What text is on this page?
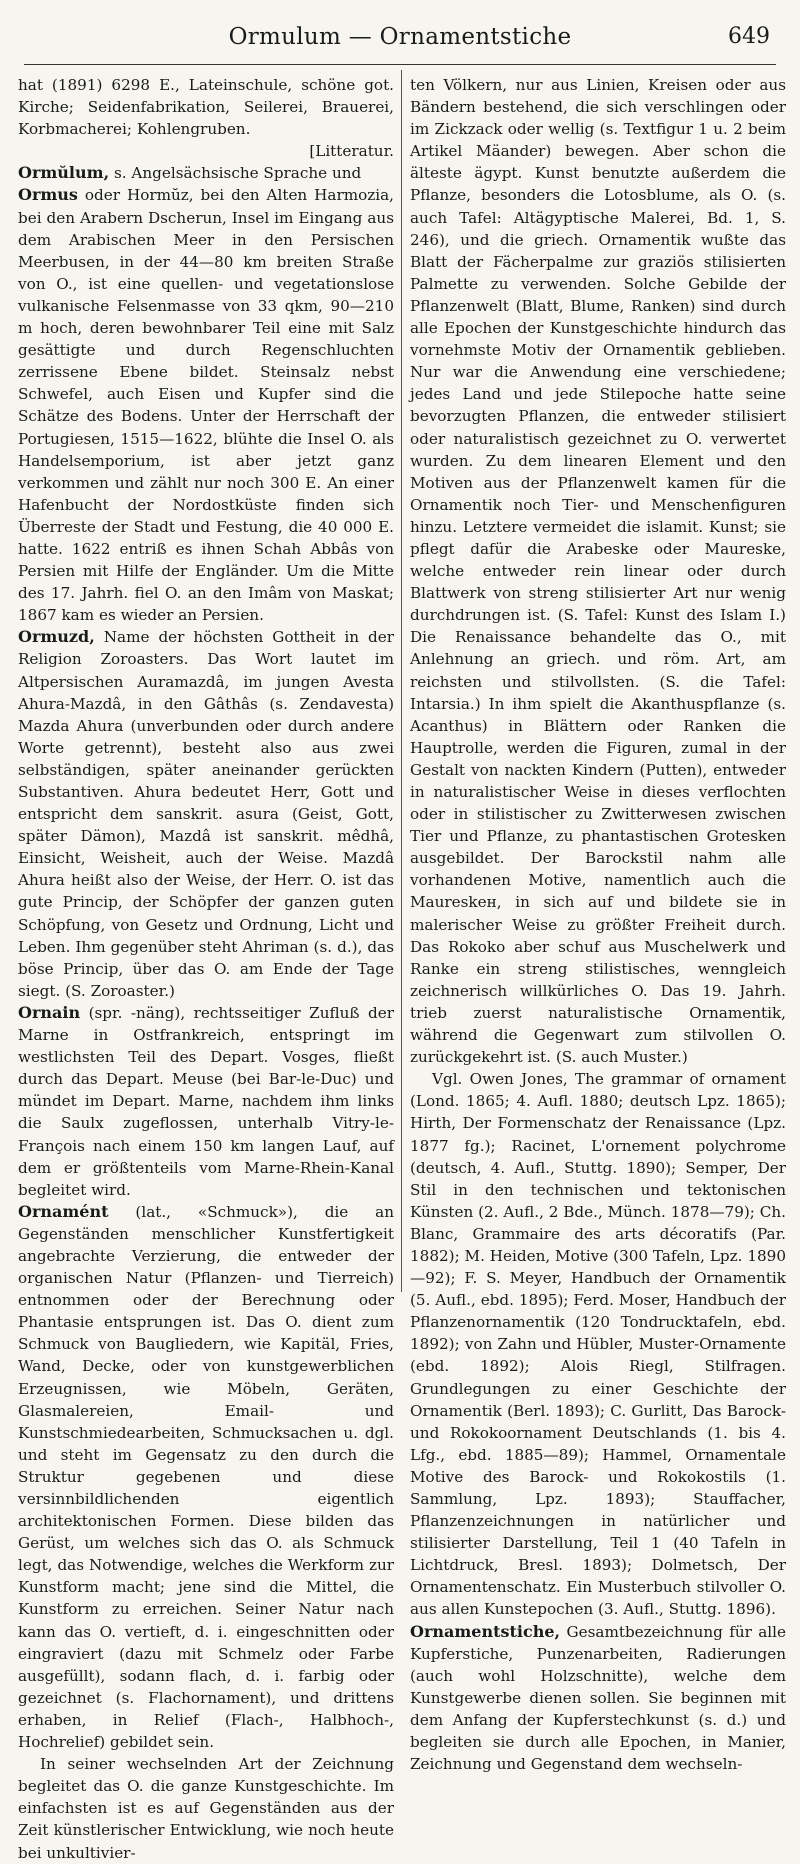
Ormulum — Ornamentstiche	649

hat (1891) 6298 E., Lateinschule, schöne got. Kirche; Seidenfabrikation, Seilerei, Brauerei, Korbmacherei; Kohlengruben.
[Litteratur.

Ormŭlum, s. Angelsächsische Sprache und

Ormus oder Hormŭz, bei den Alten Harmozia, bei den Arabern Dscherun, Insel im Eingang aus dem Arabischen Meer in den Persischen Meerbusen, in der 44—80 km breiten Straße von O., ist eine quellen- und vegetationslose vulkanische Felsenmasse von 33 qkm, 90—210 m hoch, deren bewohnbarer Teil eine mit Salz gesättigte und durch Regenschluchten zerrissene Ebene bildet. Steinsalz nebst Schwefel, auch Eisen und Kupfer sind die Schätze des Bodens. Unter der Herrschaft der Portugiesen, 1515—1622, blühte die Insel O. als Handelsemporium, ist aber jetzt ganz verkommen und zählt nur noch 300 E. An einer Hafenbucht der Nordostküste finden sich Überreste der Stadt und Festung, die 40 000 E. hatte. 1622 entriß es ihnen Schah Abbâs von Persien mit Hilfe der Engländer. Um die Mitte des 17. Jahrh. fiel O. an den Imâm von Maskat; 1867 kam es wieder an Persien.

Ormuzd, Name der höchsten Gottheit in der Religion Zoroasters. Das Wort lautet im Altpersischen Auramazdâ, im jungen Avesta Ahura-Mazdâ, in den Gâthâs (s. Zendavesta) Mazda Ahura (unverbunden oder durch andere Worte getrennt), besteht also aus zwei selbständigen, später aneinander gerückten Substantiven. Ahura bedeutet Herr, Gott und entspricht dem sanskrit. asura (Geist, Gott, später Dämon), Mazdâ ist sanskrit. mêdhâ, Einsicht, Weisheit, auch der Weise. Mazdâ Ahura heißt also der Weise, der Herr. O. ist das gute Princip, der Schöpfer der ganzen guten Schöpfung, von Gesetz und Ordnung, Licht und Leben. Ihm gegenüber steht Ahriman (s. d.), das böse Princip, über das O. am Ende der Tage siegt. (S. Zoroaster.)

Ornain (spr. -näng), rechtsseitiger Zufluß der Marne in Ostfrankreich, entspringt im westlichsten Teil des Depart. Vosges, fließt durch das Depart. Meuse (bei Bar-le-Duc) und mündet im Depart. Marne, nachdem ihm links die Saulx zugeflossen, unterhalb Vitry-le-François nach einem 150 km langen Lauf, auf dem er größtenteils vom Marne-Rhein-Kanal begleitet wird.

Ornamént (lat., «Schmuck»), die an Gegenständen menschlicher Kunstfertigkeit angebrachte Verzierung, die entweder der organischen Natur (Pflanzen- und Tierreich) entnommen oder der Berechnung oder Phantasie entsprungen ist. Das O. dient zum Schmuck von Baugliedern, wie Kapitäl, Fries, Wand, Decke, oder von kunstgewerblichen Erzeugnissen, wie Möbeln, Geräten, Glasmalereien, Email- und Kunstschmiedearbeiten, Schmucksachen u. dgl. und steht im Gegensatz zu den durch die Struktur gegebenen und diese versinnbildlichenden eigentlich architektonischen Formen. Diese bilden das Gerüst, um welches sich das O. als Schmuck legt, das Notwendige, welches die Werkform zur Kunstform macht; jene sind die Mittel, die Kunstform zu erreichen. Seiner Natur nach kann das O. vertieft, d. i. eingeschnitten oder eingraviert (dazu mit Schmelz oder Farbe ausgefüllt), sodann flach, d. i. farbig oder gezeichnet (s. Flachornament), und drittens erhaben, in Relief (Flach-, Halbhoch-, Hochrelief) gebildet sein.

In seiner wechselnden Art der Zeichnung begleitet das O. die ganze Kunstgeschichte. Im einfachsten ist es auf Gegenständen aus der Zeit künstlerischer Entwicklung, wie noch heute bei unkultivier-

ten Völkern, nur aus Linien, Kreisen oder aus Bändern bestehend, die sich verschlingen oder im Zickzack oder wellig (s. Textfigur 1 u. 2 beim Artikel Mäander) bewegen. Aber schon die älteste ägypt. Kunst benutzte außerdem die Pflanze, besonders die Lotosblume, als O. (s. auch Tafel: Altägyptische Malerei, Bd. 1, S. 246), und die griech. Ornamentik wußte das Blatt der Fächerpalme zur graziös stilisierten Palmette zu verwenden. Solche Gebilde der Pflanzenwelt (Blatt, Blume, Ranken) sind durch alle Epochen der Kunstgeschichte hindurch das vornehmste Motiv der Ornamentik geblieben. Nur war die Anwendung eine verschiedene; jedes Land und jede Stilepoche hatte seine bevorzugten Pflanzen, die entweder stilisiert oder naturalistisch gezeichnet zu O. verwertet wurden. Zu dem linearen Element und den Motiven aus der Pflanzenwelt kamen für die Ornamentik noch Tier- und Menschenfiguren hinzu. Letztere vermeidet die islamit. Kunst; sie pflegt dafür die Arabeske oder Maureske, welche entweder rein linear oder durch Blattwerk von streng stilisierter Art nur wenig durchdrungen ist. (S. Tafel: Kunst des Islam I.) Die Renaissance behandelte das O., mit Anlehnung an griech. und röm. Art, am reichsten und stilvollsten. (S. die Tafel: Intarsia.) In ihm spielt die Akanthuspflanze (s. Acanthus) in Blättern oder Ranken die Hauptrolle, werden die Figuren, zumal in der Gestalt von nackten Kindern (Putten), entweder in naturalistischer Weise in dieses verflochten oder in stilistischer zu Zwitterwesen zwischen Tier und Pflanze, zu phantastischen Grotesken ausgebildet. Der Barockstil nahm alle vorhandenen Motive, namentlich auch die Maureskeн, in sich auf und bildete sie in malerischer Weise zu größter Freiheit durch. Das Rokoko aber schuf aus Muschelwerk und Ranke ein streng stilistisches, wenngleich zeichnerisch willkürliches O. Das 19. Jahrh. trieb zuerst naturalistische Ornamentik, während die Gegenwart zum stilvollen O. zurückgekehrt ist. (S. auch Muster.)

Vgl. Owen Jones, The grammar of ornament (Lond. 1865; 4. Aufl. 1880; deutsch Lpz. 1865); Hirth, Der Formenschatz der Renaissance (Lpz. 1877 fg.); Racinet, L'ornement polychrome (deutsch, 4. Aufl., Stuttg. 1890); Semper, Der Stil in den technischen und tektonischen Künsten (2. Aufl., 2 Bde., Münch. 1878—79); Ch. Blanc, Grammaire des arts décoratifs (Par. 1882); M. Heiden, Motive (300 Tafeln, Lpz. 1890—92); F. S. Meyer, Handbuch der Ornamentik (5. Aufl., ebd. 1895); Ferd. Moser, Handbuch der Pflanzenornamentik (120 Tondrucktafeln, ebd. 1892); von Zahn und Hübler, Muster-Ornamente (ebd. 1892); Alois Riegl, Stilfragen. Grundlegungen zu einer Geschichte der Ornamentik (Berl. 1893); C. Gurlitt, Das Barock- und Rokokoornament Deutschlands (1. bis 4. Lfg., ebd. 1885—89); Hammel, Ornamentale Motive des Barock- und Rokokostils (1. Sammlung, Lpz. 1893); Stauffacher, Pflanzenzeichnungen in natürlicher und stilisierter Darstellung, Teil 1 (40 Tafeln in Lichtdruck, Bresl. 1893); Dolmetsch, Der Ornamentenschatz. Ein Musterbuch stilvoller O. aus allen Kunstepochen (3. Aufl., Stuttg. 1896).

Ornamentstiche, Gesamtbezeichnung für alle Kupferstiche, Punzenarbeiten, Radierungen (auch wohl Holzschnitte), welche dem Kunstgewerbe dienen sollen. Sie beginnen mit dem Anfang der Kupferstechkunst (s. d.) und begleiten sie durch alle Epochen, in Manier, Zeichnung und Gegenstand dem wechseln-
